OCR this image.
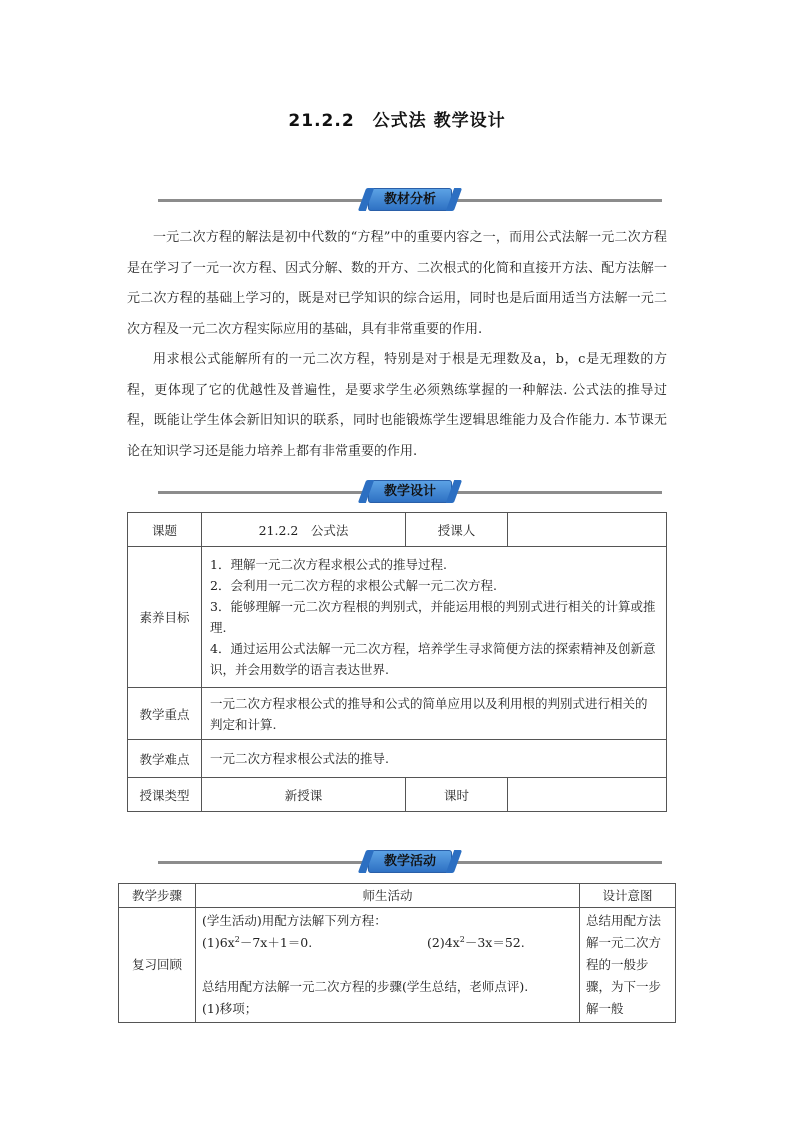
21.2.2　公式法 教学设计
教材分析
一元二次方程的解法是初中代数的“方程”中的重要内容之一，而用公式法解一元二次方程是在学习了一元一次方程、因式分解、数的开方、二次根式的化简和直接开方法、配方法解一元二次方程的基础上学习的，既是对已学知识的综合运用，同时也是后面用适当方法解一元二次方程及一元二次方程实际应用的基础，具有非常重要的作用.
用求根公式能解所有的一元二次方程，特别是对于根是无理数及a，b，c是无理数的方程，更体现了它的优越性及普遍性，是要求学生必须熟练掌握的一种解法. 公式法的推导过程，既能让学生体会新旧知识的联系，同时也能锻炼学生逻辑思维能力及合作能力. 本节课无论在知识学习还是能力培养上都有非常重要的作用.
教学设计
课题	21.2.2　公式法	授课人	
素养目标	1．理解一元二次方程求根公式的推导过程.
2．会利用一元二次方程的求根公式解一元二次方程.
3．能够理解一元二次方程根的判别式，并能运用根的判别式进行相关的计算或推理.
4．通过运用公式法解一元二次方程，培养学生寻求简便方法的探索精神及创新意识，并会用数学的语言表达世界.		

教学重点	一元二次方程求根公式的推导和公式的简单应用以及利用根的判别式进行相关的判定和计算.		
教学难点	一元二次方程求根公式法的推导.		
授课类型	新授课	课时	
教学活动
教学步骤	师生活动	设计意图
复习回顾	(学生活动)用配方法解下列方程：
$(1)6x^2-7x+1=0$. $(2)4x^2-3x=52$.
总结用配方法解一元二次方程的步骤(学生总结，老师点评).
(1)移项；	总结用配方法解一元二次方程的一般步骤，为下一步解一般
